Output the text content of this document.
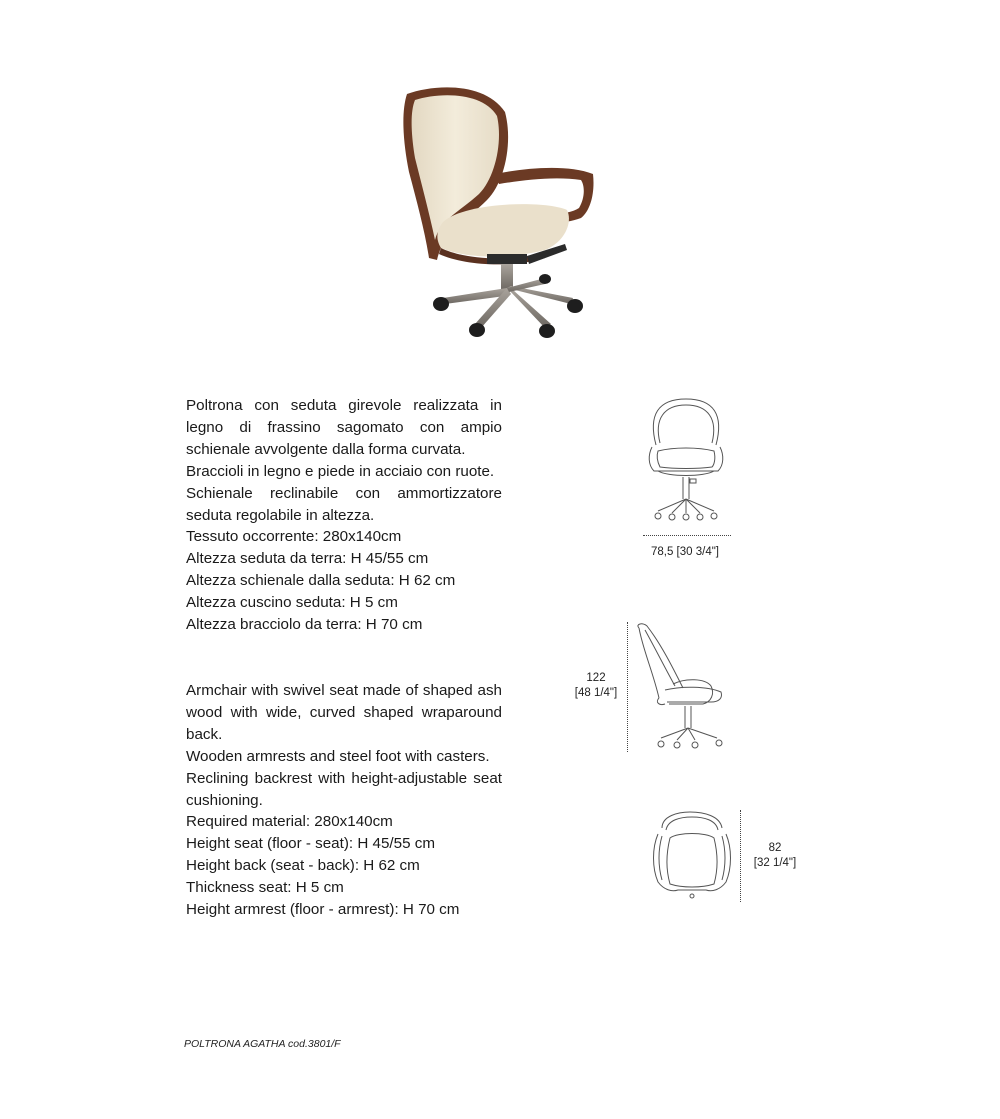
Poltrona con seduta girevole realizzata in legno di frassino sagomato con ampio schienale avvolgente dalla forma curvata.

Braccioli in legno e piede in acciaio con ruote.

Schienale reclinabile con ammortizzatore seduta regolabile in altezza.

Tessuto occorrente: 280x140cm

Altezza seduta da terra: H 45/55 cm

Altezza schienale dalla seduta: H 62 cm

Altezza cuscino seduta: H 5 cm

Altezza bracciolo da terra: H 70 cm

Armchair with swivel seat made of shaped ash wood with wide, curved shaped wraparound back.

Wooden armrests and steel foot with casters.

Reclining backrest with height-adjustable seat cushioning.

Required material: 280x140cm

Height seat (floor - seat): H 45/55 cm

Height back (seat - back): H 62 cm

Thickness seat: H 5 cm

Height armrest (floor - armrest): H 70 cm

78,5 [30 3/4"]
122
[48 1/4"]
82
[32 1/4"]
POLTRONA AGATHA cod.3801/F
